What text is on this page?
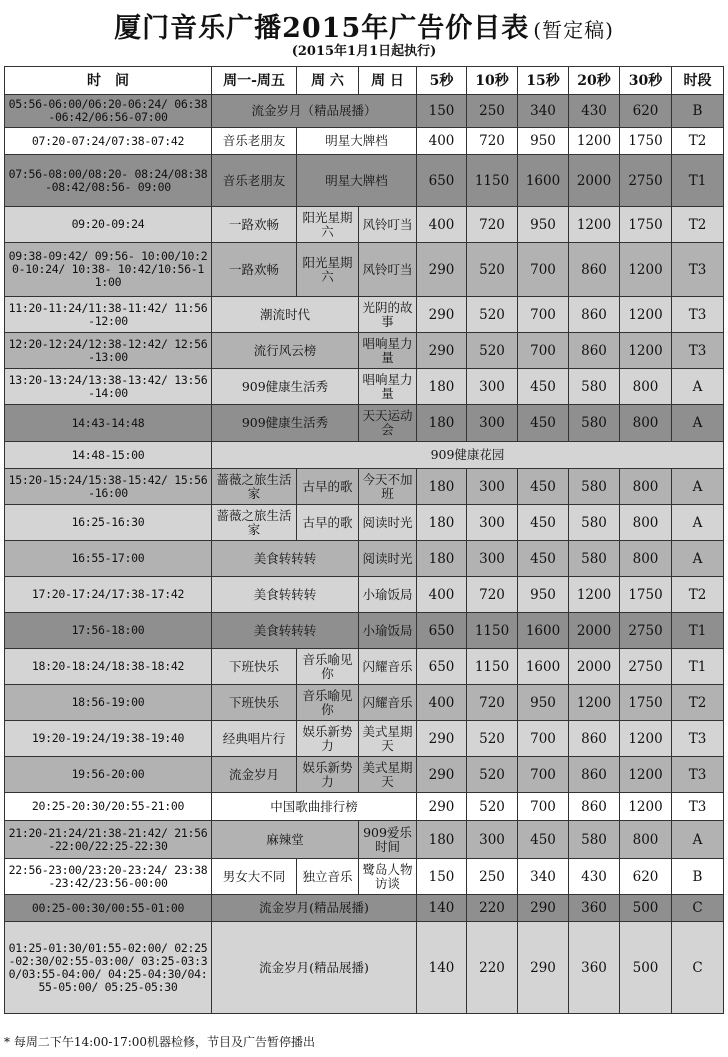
厦门音乐广播2015年广告价目表 (暂定稿)
(2015年1月1日起执行)
时　间	周一-周五	周 六	周 日	5秒	10秒	15秒	20秒	30秒	时段
05:56-06:00/06:20-06:24/ 06:38-06:42/06:56-07:00	流金岁月（精品展播）			150	250	340	430	620	B
07:20-07:24/07:38-07:42	音乐老朋友	明星大牌档		400	720	950	1200	1750	T2
07:56-08:00/08:20- 08:24/08:38-08:42/08:56- 09:00	音乐老朋友	明星大牌档		650	1150	1600	2000	2750	T1
09:20-09:24	一路欢畅	阳光星期六	风铃叮当	400	720	950	1200	1750	T2
09:38-09:42/ 09:56- 10:00/10:20-10:24/ 10:38- 10:42/10:56-11:00	一路欢畅	阳光星期六	风铃叮当	290	520	700	860	1200	T3
11:20-11:24/11:38-11:42/ 11:56-12:00	潮流时代		光阴的故事	290	520	700	860	1200	T3
12:20-12:24/12:38-12:42/ 12:56-13:00	流行风云榜		唱响星力量	290	520	700	860	1200	T3
13:20-13:24/13:38-13:42/ 13:56-14:00	909健康生活秀		唱响星力量	180	300	450	580	800	A
14:43-14:48	909健康生活秀		天天运动会	180	300	450	580	800	A
14:48-15:00	909健康花园								
15:20-15:24/15:38-15:42/ 15:56-16:00	蔷薇之旅生活家	古早的歌	今天不加班	180	300	450	580	800	A
16:25-16:30	蔷薇之旅生活家	古早的歌	阅读时光	180	300	450	580	800	A
16:55-17:00	美食转转转		阅读时光	180	300	450	580	800	A
17:20-17:24/17:38-17:42	美食转转转		小瑜饭局	400	720	950	1200	1750	T2
17:56-18:00	美食转转转		小瑜饭局	650	1150	1600	2000	2750	T1
18:20-18:24/18:38-18:42	下班快乐	音乐喻见你	闪耀音乐	650	1150	1600	2000	2750	T1
18:56-19:00	下班快乐	音乐喻见你	闪耀音乐	400	720	950	1200	1750	T2
19:20-19:24/19:38-19:40	经典唱片行	娱乐新势力	美式星期天	290	520	700	860	1200	T3
19:56-20:00	流金岁月	娱乐新势力	美式星期天	290	520	700	860	1200	T3
20:25-20:30/20:55-21:00	中国歌曲排行榜			290	520	700	860	1200	T3
21:20-21:24/21:38-21:42/ 21:56-22:00/22:25-22:30	麻辣堂		909爱乐时间	180	300	450	580	800	A
22:56-23:00/23:20-23:24/ 23:38-23:42/23:56-00:00	男女大不同	独立音乐	鹭岛人物访谈	150	250	340	430	620	B
00:25-00:30/00:55-01:00	流金岁月(精品展播)			140	220	290	360	500	C
01:25-01:30/01:55-02:00/ 02:25-02:30/02:55-03:00/ 03:25-03:30/03:55-04:00/ 04:25-04:30/04:55-05:00/ 05:25-05:30	流金岁月(精品展播)			140	220	290	360	500	C
* 每周二下午14:00-17:00机器检修，节目及广告暂停播出
